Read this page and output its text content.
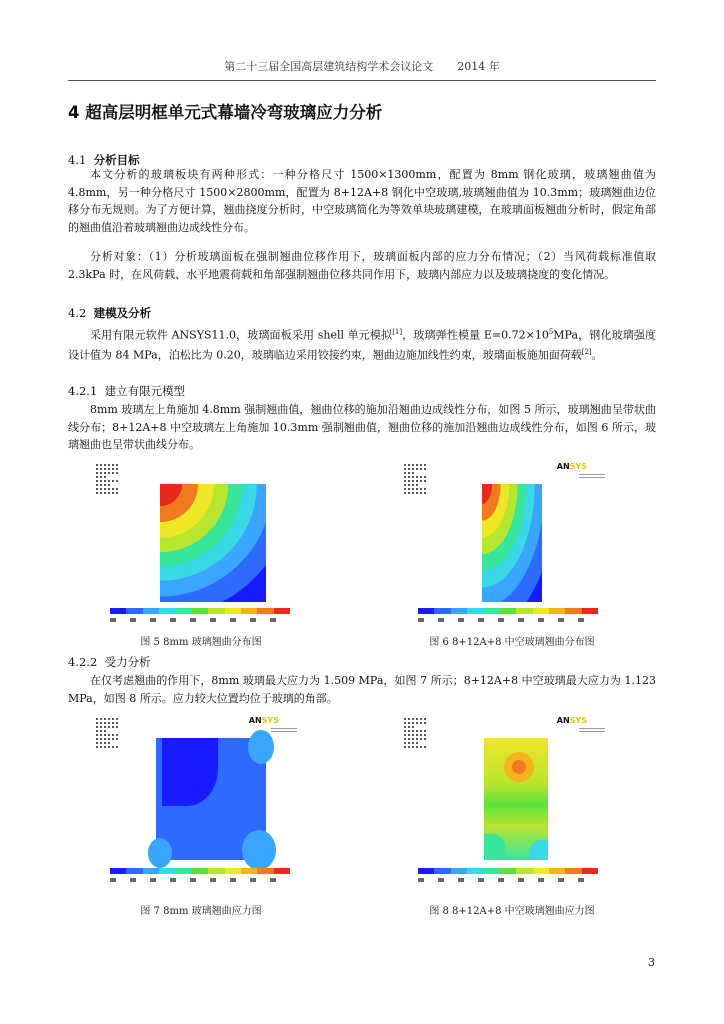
第二十三届全国高层建筑结构学术会议论文 2014 年
4 超高层明框单元式幕墙冷弯玻璃应力分析
4.1 分析目标
本文分析的玻璃板块有两种形式：一种分格尺寸 1500×1300mm，配置为 8mm 钢化玻璃，玻璃翘曲值为 4.8mm，另一种分格尺寸 1500×2800mm，配置为 8+12A+8 钢化中空玻璃,玻璃翘曲值为 10.3mm；玻璃翘曲边位移分布无规则。为了方便计算，翘曲挠度分析时，中空玻璃简化为等效单块玻璃建模，在玻璃面板翘曲分析时，假定角部的翘曲值沿着玻璃翘曲边成线性分布。
分析对象：（1）分析玻璃面板在强制翘曲位移作用下，玻璃面板内部的应力分布情况；（2）当风荷载标准值取 2.3kPa 时，在风荷载、水平地震荷载和角部强制翘曲位移共同作用下，玻璃内部应力以及玻璃挠度的变化情况。
4.2 建模及分析
采用有限元软件 ANSYS11.0，玻璃面板采用 shell 单元模拟[1]，玻璃弹性模量 $E=0.72\times 10^5MPa$，钢化玻璃强度设计值为 84 MPa，泊松比为 0.20，玻璃临边采用铰接约束，翘曲边施加线性约束，玻璃面板施加面荷载[2]。
4.2.1 建立有限元模型
8mm 玻璃左上角施加 4.8mm 强制翘曲值，翘曲位移的施加沿翘曲边成线性分布，如图 5 所示，玻璃翘曲呈带状曲线分布；8+12A+8 中空玻璃左上角施加 10.3mm 强制翘曲值，翘曲位移的施加沿翘曲边成线性分布，如图 6 所示，玻璃翘曲也呈带状曲线分布。
图 5 8mm 玻璃翘曲分布图
ANSYS
图 6 8+12A+8 中空玻璃翘曲分布图
4.2.2 受力分析
在仅考虑翘曲的作用下，8mm 玻璃最大应力为 1.509 MPa，如图 7 所示；8+12A+8 中空玻璃最大应力为 1.123 MPa，如图 8 所示。应力较大位置均位于玻璃的角部。
ANSYS
图 7 8mm 玻璃翘曲应力图
ANSYS
图 8 8+12A+8 中空玻璃翘曲应力图
3
